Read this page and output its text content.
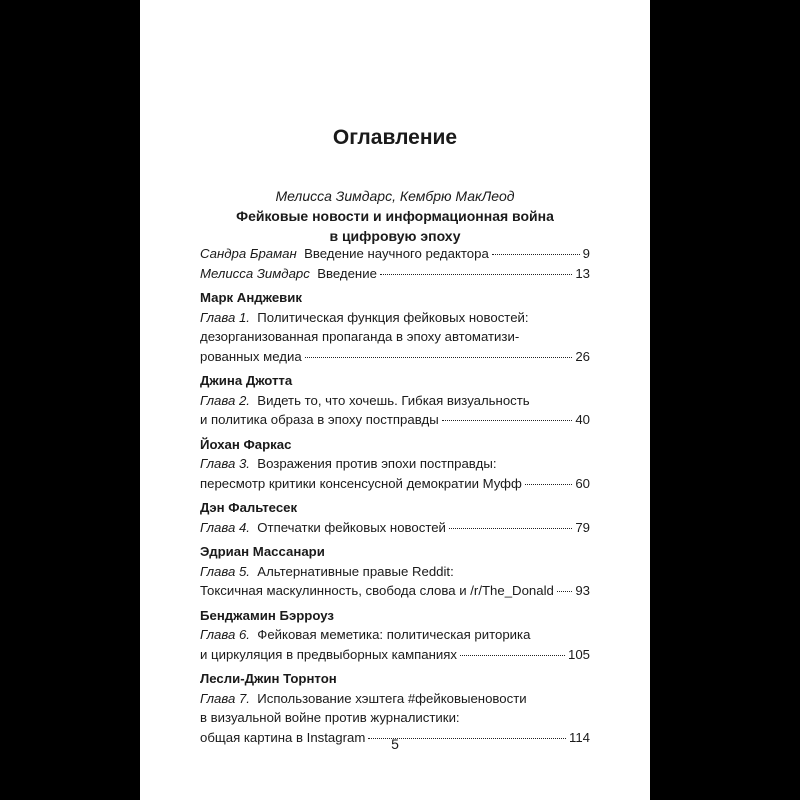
Оглавление
Мелисса Зимдарс, Кембрю МакЛеод
Фейковые новости и информационная война
в цифровую эпоху
Сандра Браман Введение научного редактора	9
Мелисса Зимдарс Введение	13
Марк Анджевик
Глава 1. Политическая функция фейковых новостей:
дезорганизованная пропаганда в эпоху автоматизи-
рованных медиа	26
Джина Джотта
Глава 2. Видеть то, что хочешь. Гибкая визуальность
и политика образа в эпоху постправды	40
Йохан Фаркас
Глава 3. Возражения против эпохи постправды:
пересмотр критики консенсусной демократии Муфф	60
Дэн Фальтесек
Глава 4. Отпечатки фейковых новостей	79
Эдриан Массанари
Глава 5. Альтернативные правые Reddit:
Токсичная маскулинность, свобода слова и /r/The_Donald 93
Бенджамин Бэрроуз
Глава 6. Фейковая меметика: политическая риторика
и циркуляция в предвыборных кампаниях	105
Лесли-Джин Торнтон
Глава 7. Использование хэштега #фейковыеновости
в визуальной войне против журналистики:
общая картина в Instagram	114
5
